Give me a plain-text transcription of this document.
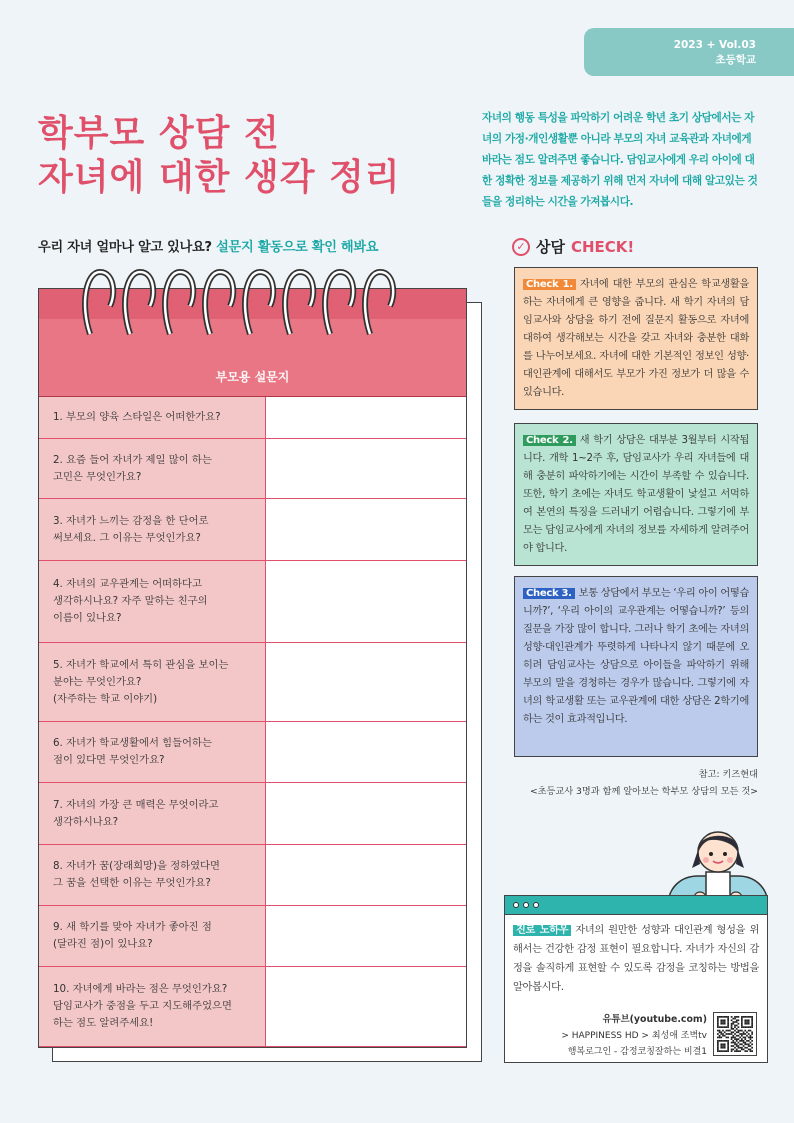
2023 + Vol.03
초등학교
학부모 상담 전
자녀에 대한 생각 정리
자녀의 행동 특성을 파악하기 어려운 학년 초기 상담에서는 자녀의 가정·개인생활뿐 아니라 부모의 자녀 교육관과 자녀에게 바라는 점도 알려주면 좋습니다. 담임교사에게 우리 아이에 대한 정확한 정보를 제공하기 위해 먼저 자녀에 대해 알고있는 것들을 정리하는 시간을 가져봅시다.
우리 자녀 얼마나 알고 있나요? 설문지 활동으로 확인 해봐요
부모용 설문지
1. 부모의 양육 스타일은 어떠한가요?
2. 요즘 들어 자녀가 제일 많이 하는
고민은 무엇인가요?
3. 자녀가 느끼는 감정을 한 단어로
써보세요. 그 이유는 무엇인가요?
4. 자녀의 교우관계는 어떠하다고
생각하시나요? 자주 말하는 친구의
이름이 있나요?
5. 자녀가 학교에서 특히 관심을 보이는
분야는 무엇인가요?
(자주하는 학교 이야기)
6. 자녀가 학교생활에서 힘들어하는
점이 있다면 무엇인가요?
7. 자녀의 가장 큰 매력은 무엇이라고
생각하시나요?
8. 자녀가 꿈(장래희망)을 정하였다면
그 꿈을 선택한 이유는 무엇인가요?
9. 새 학기를 맞아 자녀가 좋아진 점
(달라진 점)이 있나요?
10. 자녀에게 바라는 점은 무엇인가요?
담임교사가 중점을 두고 지도해주었으면
하는 점도 알려주세요!
✓ 상담 CHECK!
Check 1. 자녀에 대한 부모의 관심은 학교생활을 하는 자녀에게 큰 영향을 줍니다. 새 학기 자녀의 담임교사와 상담을 하기 전에 질문지 활동으로 자녀에 대하여 생각해보는 시간을 갖고 자녀와 충분한 대화를 나누어보세요. 자녀에 대한 기본적인 정보인 성향·대인관계에 대해서도 부모가 가진 정보가 더 많을 수 있습니다.
Check 2. 새 학기 상담은 대부분 3월부터 시작됩니다. 개학 1~2주 후, 담임교사가 우리 자녀들에 대해 충분히 파악하기에는 시간이 부족할 수 있습니다. 또한, 학기 초에는 자녀도 학교생활이 낯설고 서먹하여 본연의 특징을 드러내기 어렵습니다. 그렇기에 부모는 담임교사에게 자녀의 정보를 자세하게 알려주어야 합니다.
Check 3. 보통 상담에서 부모는 ‘우리 아이 어떻습니까?’, ‘우리 아이의 교우관계는 어떻습니까?’ 등의 질문을 가장 많이 합니다. 그러나 학기 초에는 자녀의 성향·대인관계가 뚜렷하게 나타나지 않기 때문에 오히려 담임교사는 상담으로 아이들을 파악하기 위해 부모의 말을 경청하는 경우가 많습니다. 그렇기에 자녀의 학교생활 또는 교우관계에 대한 상담은 2학기에 하는 것이 효과적입니다.
참고: 키즈현대
<초등교사 3명과 함께 알아보는 학부모 상담의 모든 것>
진로 노하우 자녀의 원만한 성향과 대인관계 형성을 위해서는 건강한 감정 표현이 필요합니다. 자녀가 자신의 감정을 솔직하게 표현할 수 있도록 감정을 코칭하는 방법을 알아봅시다.
유튜브(youtube.com)
> HAPPINESS HD > 최성애 조벽tv
행복로그인 - 감정코칭잘하는 비결1
